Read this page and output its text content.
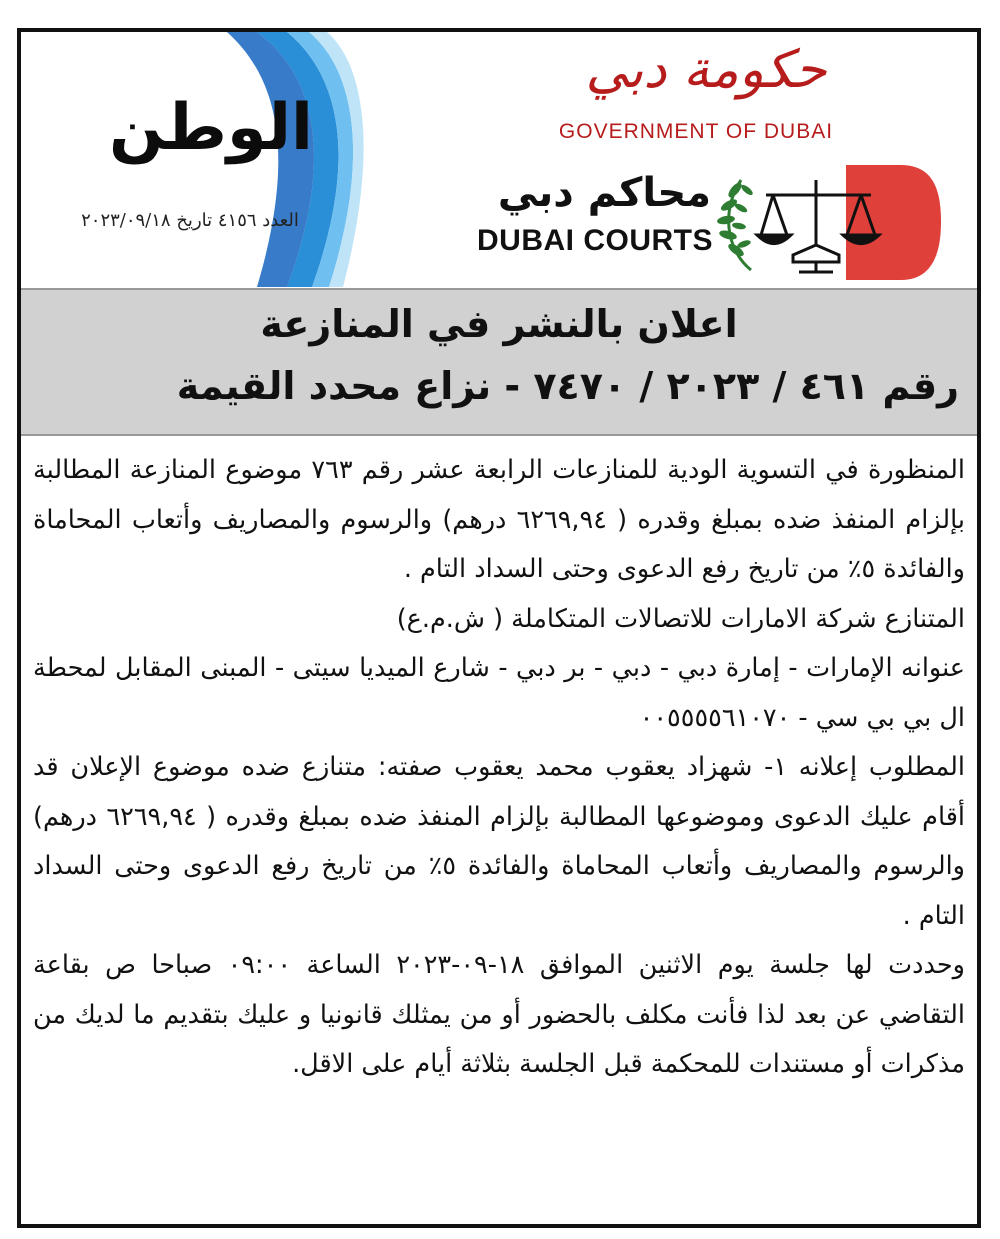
الوطن
العدد ٤١٥٦ تاريخ ٢٠٢٣/٠٩/١٨
حكومة دبي
GOVERNMENT OF DUBAI
محاكم دبي
DUBAI COURTS
اعلان بالنشر في المنازعة
رقم ٤٦١ / ٢٠٢٣ / ٧٤٧٠ - نزاع محدد القيمة

المنظورة في التسوية الودية للمنازعات الرابعة عشر رقم ٧٦٣ موضوع المنازعة المطالبة بإلزام المنفذ ضده بمبلغ وقدره ( ٦٢٦٩,٩٤ درهم) والرسوم والمصاريف وأتعاب المحاماة والفائدة ٥٪ من تاريخ رفع الدعوى وحتى السداد التام .

المتنازع شركة الامارات للاتصالات المتكاملة ( ش.م.ع)

عنوانه الإمارات - إمارة دبي - دبي - بر دبي - شارع الميديا سيتى - المبنى المقابل لمحطة ال بي بي سي - ٠٠٥٥٥٥٦١٠٧٠

المطلوب إعلانه ١- شهزاد يعقوب محمد يعقوب صفته: متنازع ضده موضوع الإعلان قد أقام عليك الدعوى وموضوعها المطالبة بإلزام المنفذ ضده بمبلغ وقدره ( ٦٢٦٩,٩٤ درهم) والرسوم والمصاريف وأتعاب المحاماة والفائدة ٥٪ من تاريخ رفع الدعوى وحتى السداد التام .

وحددت لها جلسة يوم الاثنين الموافق ١٨-٠٩-٢٠٢٣ الساعة ٠٩:٠٠ صباحا ص بقاعة التقاضي عن بعد لذا فأنت مكلف بالحضور أو من يمثلك قانونيا و عليك بتقديم ما لديك من مذكرات أو مستندات للمحكمة قبل الجلسة بثلاثة أيام على الاقل.
